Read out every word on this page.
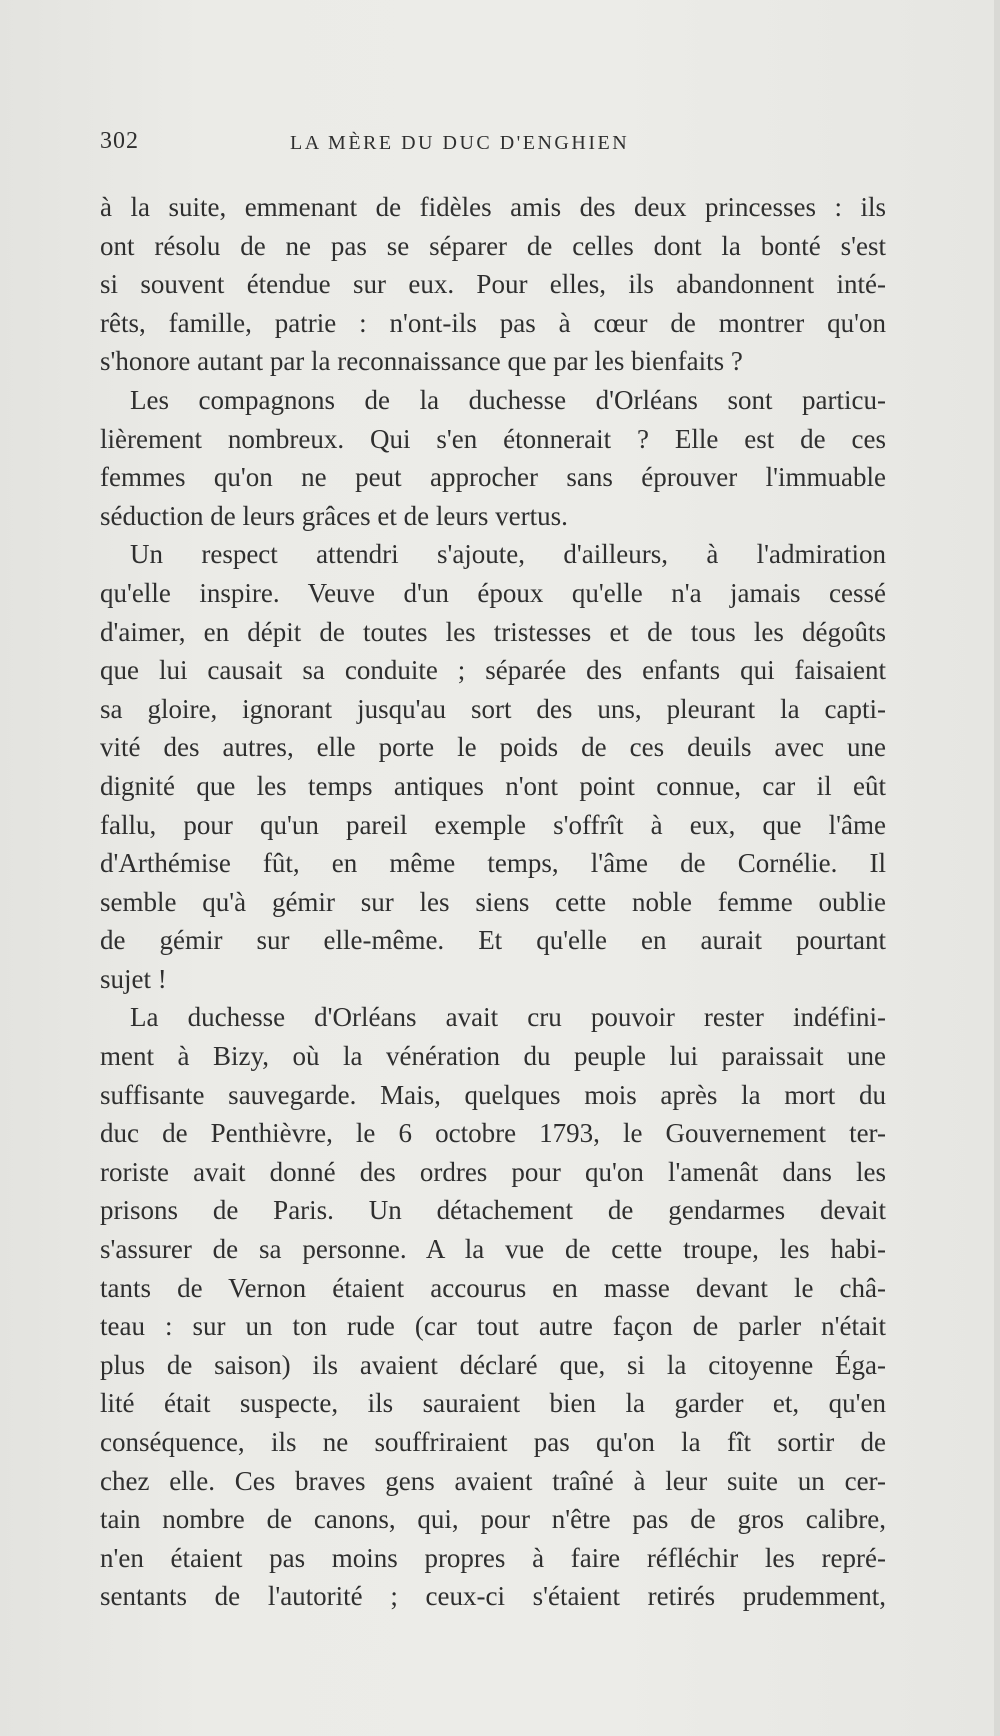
302	LA MÈRE DU DUC D'ENGHIEN
à la suite, emmenant de fidèles amis des deux princesses : ils
ont résolu de ne pas se séparer de celles dont la bonté s'est
si souvent étendue sur eux. Pour elles, ils abandonnent inté-
rêts, famille, patrie : n'ont-ils pas à cœur de montrer qu'on
s'honore autant par la reconnaissance que par les bienfaits ?
Les compagnons de la duchesse d'Orléans sont particu-
lièrement nombreux. Qui s'en étonnerait ? Elle est de ces
femmes qu'on ne peut approcher sans éprouver l'immuable
séduction de leurs grâces et de leurs vertus.
Un respect attendri s'ajoute, d'ailleurs, à l'admiration
qu'elle inspire. Veuve d'un époux qu'elle n'a jamais cessé
d'aimer, en dépit de toutes les tristesses et de tous les dégoûts
que lui causait sa conduite ; séparée des enfants qui faisaient
sa gloire, ignorant jusqu'au sort des uns, pleurant la capti-
vité des autres, elle porte le poids de ces deuils avec une
dignité que les temps antiques n'ont point connue, car il eût
fallu, pour qu'un pareil exemple s'offrît à eux, que l'âme
d'Arthémise fût, en même temps, l'âme de Cornélie. Il
semble qu'à gémir sur les siens cette noble femme oublie
de gémir sur elle-même. Et qu'elle en aurait pourtant
sujet !
La duchesse d'Orléans avait cru pouvoir rester indéfini-
ment à Bizy, où la vénération du peuple lui paraissait une
suffisante sauvegarde. Mais, quelques mois après la mort du
duc de Penthièvre, le 6 octobre 1793, le Gouvernement ter-
roriste avait donné des ordres pour qu'on l'amenât dans les
prisons de Paris. Un détachement de gendarmes devait
s'assurer de sa personne. A la vue de cette troupe, les habi-
tants de Vernon étaient accourus en masse devant le châ-
teau : sur un ton rude (car tout autre façon de parler n'était
plus de saison) ils avaient déclaré que, si la citoyenne Éga-
lité était suspecte, ils sauraient bien la garder et, qu'en
conséquence, ils ne souffriraient pas qu'on la fît sortir de
chez elle. Ces braves gens avaient traîné à leur suite un cer-
tain nombre de canons, qui, pour n'être pas de gros calibre,
n'en étaient pas moins propres à faire réfléchir les repré-
sentants de l'autorité ; ceux-ci s'étaient retirés prudemment,
